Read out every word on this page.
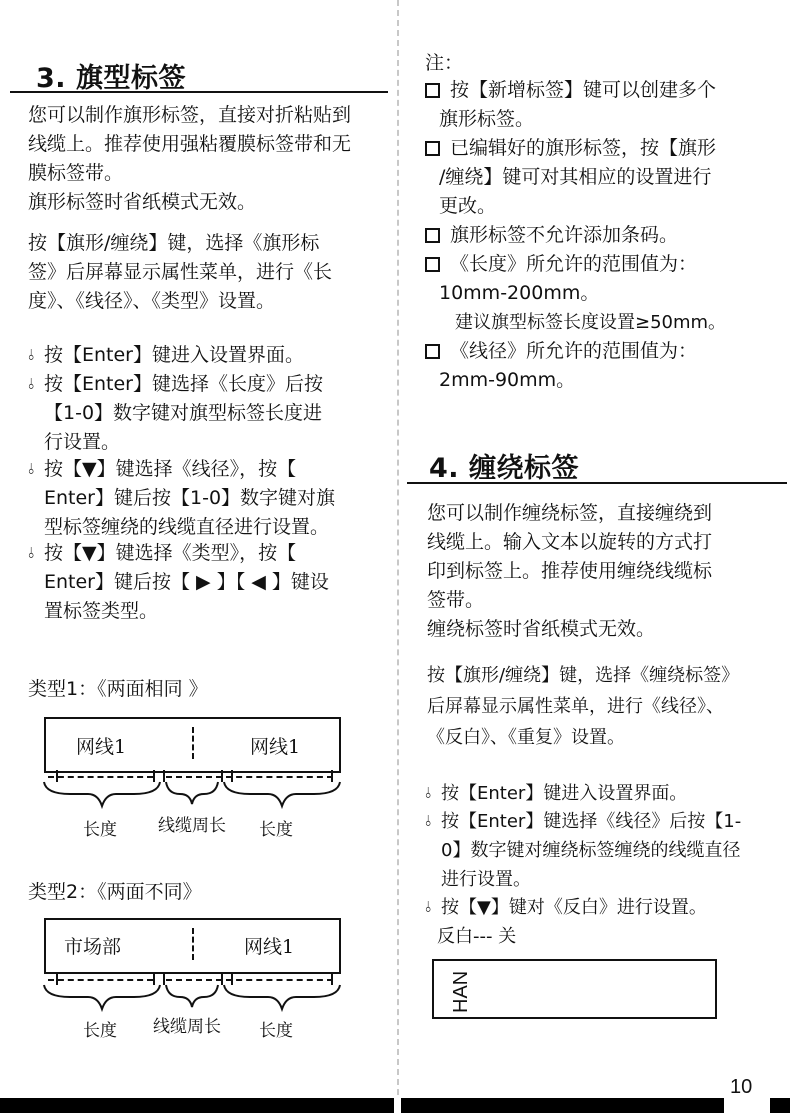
10
3. 旗型标签
您可以制作旗形标签，直接对折粘贴到
线缆上。推荐使用强粘覆膜标签带和无
膜标签带。
旗形标签时省纸模式无效。
按【旗形/缠绕】键，选择《旗形标
签》后屏幕显示属性菜单，进行《长
度》、《线径》、《类型》设置。
⫰ 按【Enter】键进入设置界面。
⫰ 按【Enter】键选择《长度》后按
【1-0】数字键对旗型标签长度进
行设置。
⫰ 按【▼】键选择《线径》，按【
Enter】键后按【1-0】数字键对旗
型标签缠绕的线缆直径进行设置。
⫰ 按【▼】键选择《类型》，按【
Enter】键后按【 ▶ 】【 ◀ 】键设
置标签类型。
类型1：《两面相同 》
网线1	网线1
长度 线缆周长 长度
类型2：《两面不同》
市场部	网线1
长度 线缆周长 长度
注：
按【新增标签】键可以创建多个
旗形标签。
已编辑好的旗形标签，按【旗形
/缠绕】键可对其相应的设置进行
更改。
旗形标签不允许添加条码。
《长度》所允许的范围值为：
10mm-200mm。
建议旗型标签长度设置≥50mm。
《线径》所允许的范围值为：
2mm-90mm。
4. 缠绕标签
您可以制作缠绕标签，直接缠绕到
线缆上。输入文本以旋转的方式打
印到标签上。推荐使用缠绕线缆标
签带。
缠绕标签时省纸模式无效。
按【旗形/缠绕】键，选择《缠绕标签》
后屏幕显示属性菜单，进行《线径》、
《反白》、《重复》设置。
⫰ 按【Enter】键进入设置界面。
⫰ 按【Enter】键选择《线径》后按【1-
0】数字键对缠绕标签缠绕的线缆直径
进行设置。
⫰ 按【▼】键对《反白》进行设置。
反白--- 关
HAN
